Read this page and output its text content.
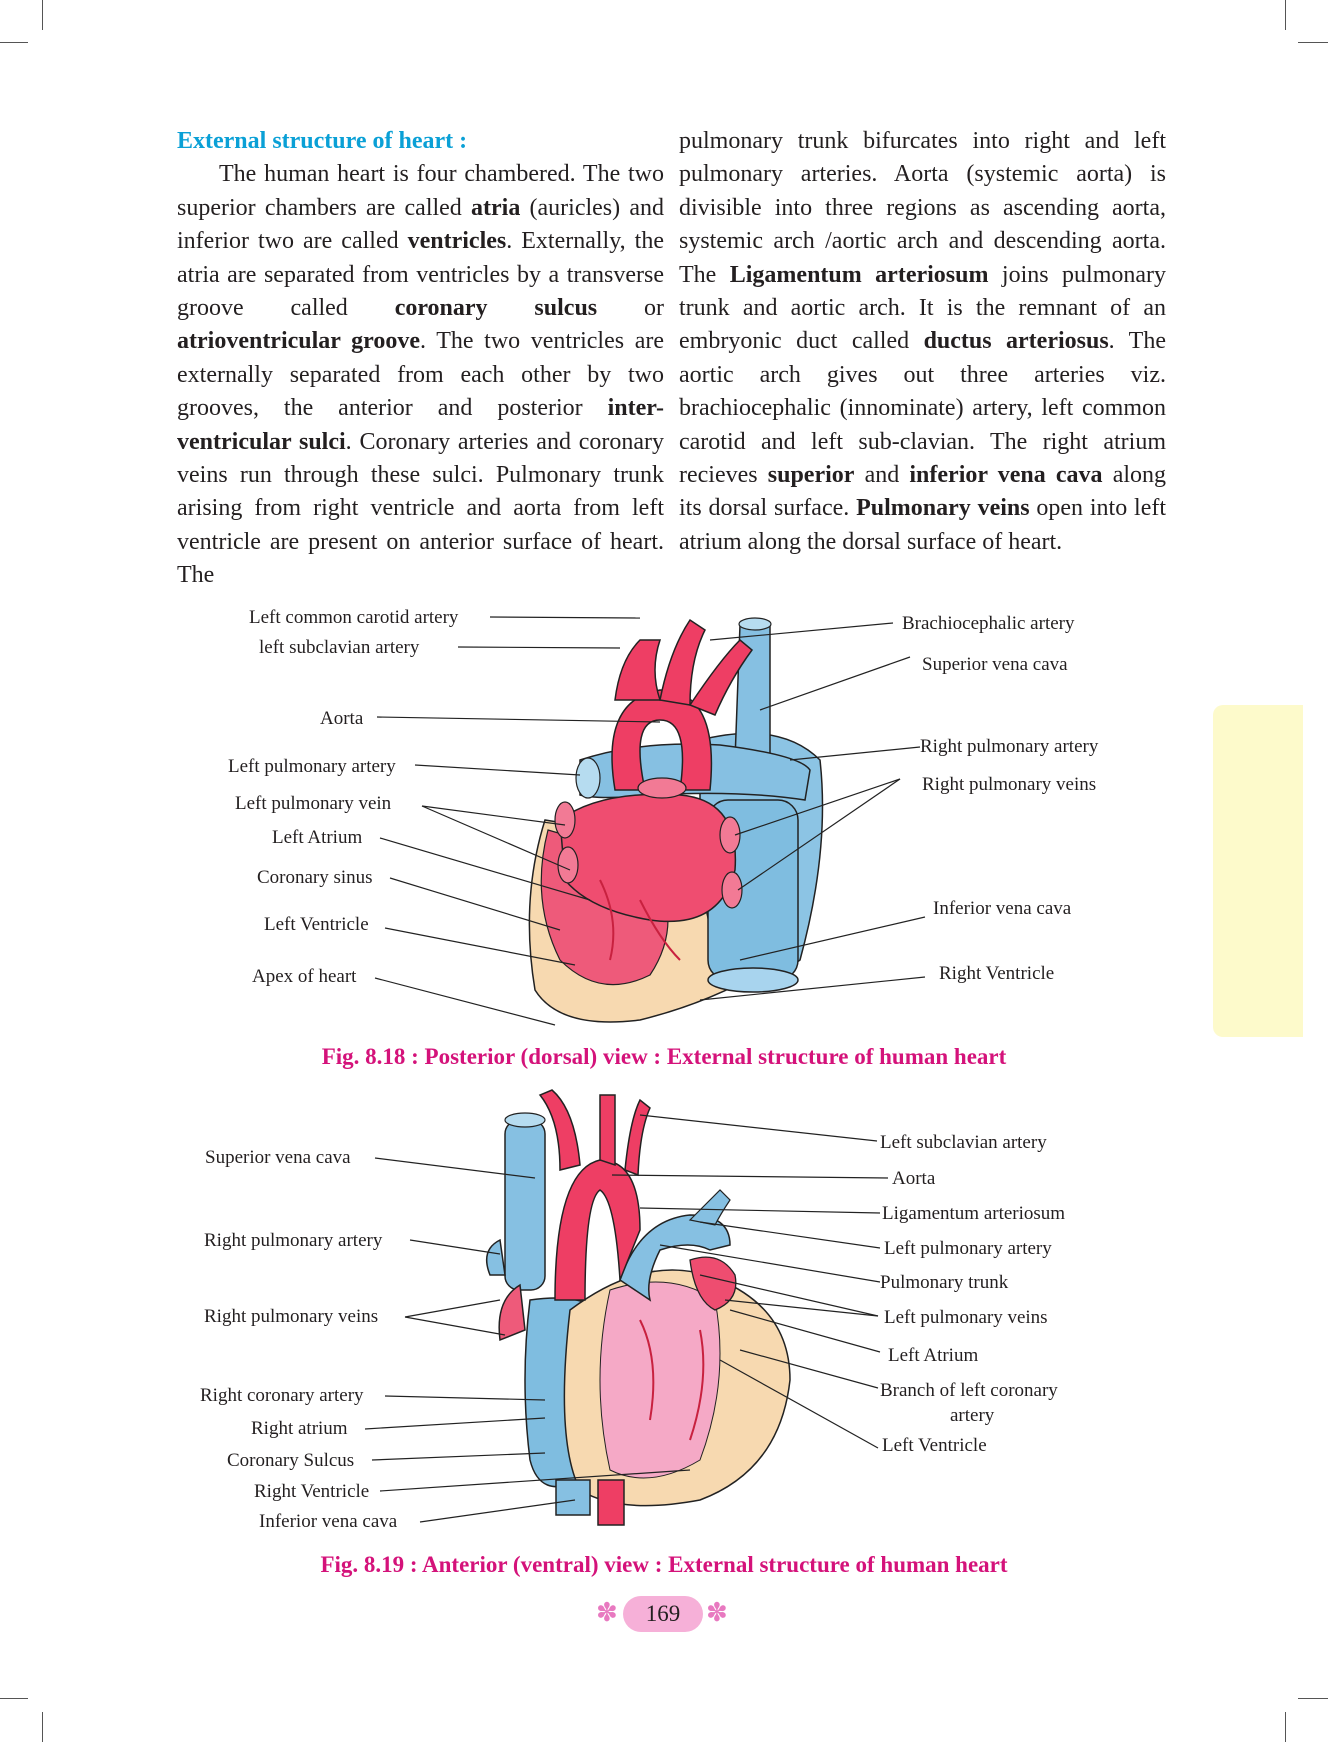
External structure of heart :

The human heart is four chambered. The two superior chambers are called atria (auricles) and inferior two are called ventricles. Externally, the atria are separated from ventricles by a transverse groove called coronary sulcus or atrioventricular groove. The two ventricles are externally separated from each other by two grooves, the anterior and posterior inter-ventricular sulci. Coronary arteries and coronary veins run through these sulci. Pulmonary trunk arising from right ventricle and aorta from left ventricle are present on anterior surface of heart. The

pulmonary trunk bifurcates into right and left pulmonary arteries. Aorta (systemic aorta) is divisible into three regions as ascending aorta, systemic arch /aortic arch and descending aorta. The Ligamentum arteriosum joins pulmonary trunk and aortic arch. It is the remnant of an embryonic duct called ductus arteriosus. The aortic arch gives out three arteries viz. brachiocephalic (innominate) artery, left common carotid and left sub-clavian. The right atrium recieves superior and inferior vena cava along its dorsal surface. Pulmonary veins open into left atrium along the dorsal surface of heart.

Left common carotid artery
left subclavian artery
Aorta
Left pulmonary artery
Left pulmonary vein
Left Atrium
Coronary sinus
Left Ventricle
Apex of heart
Brachiocephalic artery
Superior vena cava
Right pulmonary artery
Right pulmonary veins
Inferior vena cava
Right Ventricle
Superior vena cava
Right pulmonary artery
Right pulmonary veins
Right coronary artery
Right atrium
Coronary Sulcus
Right Ventricle
Inferior vena cava
Left subclavian artery
Aorta
Ligamentum arteriosum
Left pulmonary artery
Pulmonary trunk
Left pulmonary veins
Left Atrium
Branch of left coronary
artery
Left Ventricle
Fig. 8.18 : Posterior (dorsal) view : External structure of human heart
Fig. 8.19 : Anterior (ventral) view : External structure of human heart
✽	169 ✽
